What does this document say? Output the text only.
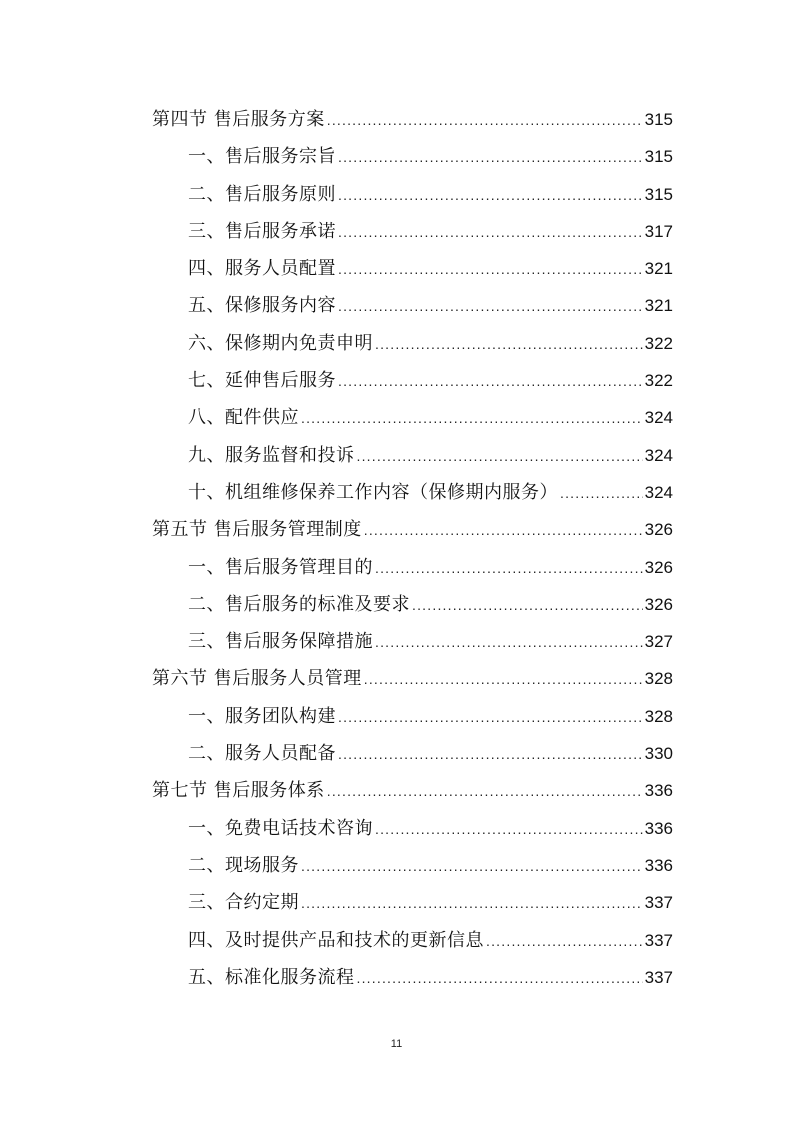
第四节 售后服务方案 .....	315
一、售后服务宗旨 .....	315
二、售后服务原则 .....	315
三、售后服务承诺 .....	317
四、服务人员配置 .....	321
五、保修服务内容 .....	321
六、保修期内免责申明 .....	322
七、延伸售后服务 .....	322
八、配件供应 .....	324
九、服务监督和投诉 .....	324
十、机组维修保养工作内容（保修期内服务） .....	324
第五节 售后服务管理制度 .....	326
一、售后服务管理目的 .....	326
二、售后服务的标准及要求 .....	326
三、售后服务保障措施 .....	327
第六节 售后服务人员管理 .....	328
一、服务团队构建 .....	328
二、服务人员配备 .....	330
第七节 售后服务体系 .....	336
一、免费电话技术咨询 .....	336
二、现场服务 .....	336
三、合约定期 .....	337
四、及时提供产品和技术的更新信息 .....	337
五、标准化服务流程 .....	337
11
